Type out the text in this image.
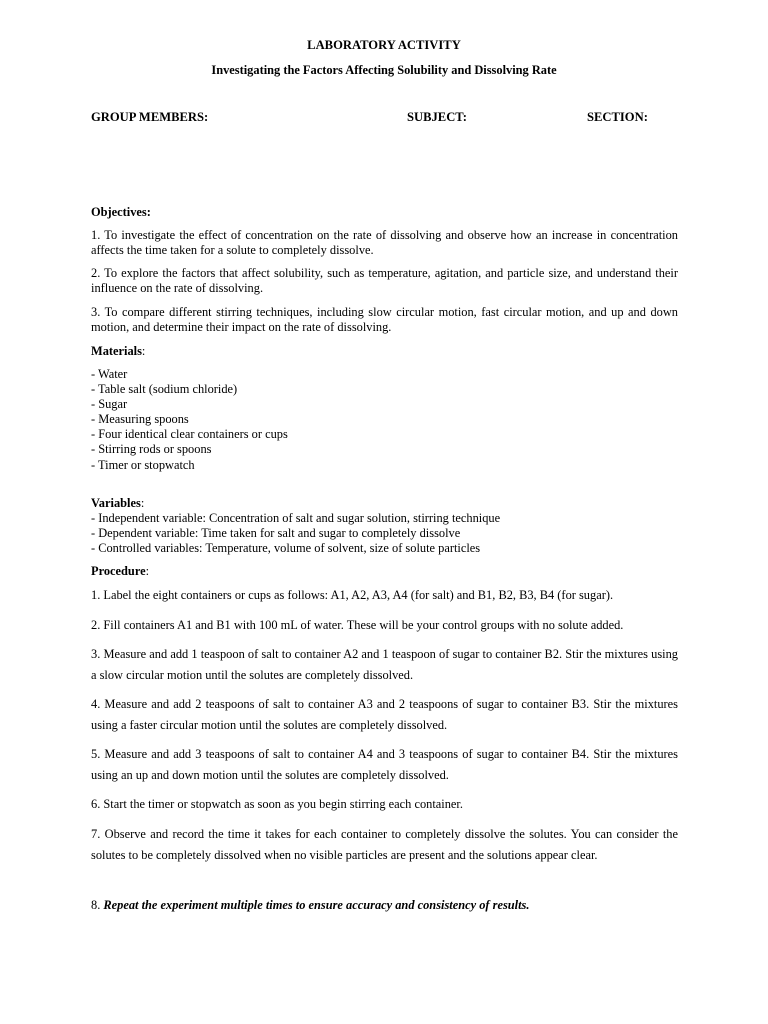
LABORATORY ACTIVITY
Investigating the Factors Affecting Solubility and Dissolving Rate
GROUP MEMBERS:	SUBJECT:	SECTION:
Objectives:
1. To investigate the effect of concentration on the rate of dissolving and observe how an increase in concentration affects the time taken for a solute to completely dissolve.
2. To explore the factors that affect solubility, such as temperature, agitation, and particle size, and understand their influence on the rate of dissolving.
3. To compare different stirring techniques, including slow circular motion, fast circular motion, and up and down motion, and determine their impact on the rate of dissolving.
Materials:
- Water
- Table salt (sodium chloride)
- Sugar
- Measuring spoons
- Four identical clear containers or cups
- Stirring rods or spoons
- Timer or stopwatch
Variables:
- Independent variable: Concentration of salt and sugar solution, stirring technique
- Dependent variable: Time taken for salt and sugar to completely dissolve
- Controlled variables: Temperature, volume of solvent, size of solute particles
Procedure:
1. Label the eight containers or cups as follows: A1, A2, A3, A4 (for salt) and B1, B2, B3, B4 (for sugar).
2. Fill containers A1 and B1 with 100 mL of water. These will be your control groups with no solute added.
3. Measure and add 1 teaspoon of salt to container A2 and 1 teaspoon of sugar to container B2. Stir the mixtures using a slow circular motion until the solutes are completely dissolved.
4. Measure and add 2 teaspoons of salt to container A3 and 2 teaspoons of sugar to container B3. Stir the mixtures using a faster circular motion until the solutes are completely dissolved.
5. Measure and add 3 teaspoons of salt to container A4 and 3 teaspoons of sugar to container B4. Stir the mixtures using an up and down motion until the solutes are completely dissolved.
6. Start the timer or stopwatch as soon as you begin stirring each container.
7. Observe and record the time it takes for each container to completely dissolve the solutes. You can consider the solutes to be completely dissolved when no visible particles are present and the solutions appear clear.
8. Repeat the experiment multiple times to ensure accuracy and consistency of results.
